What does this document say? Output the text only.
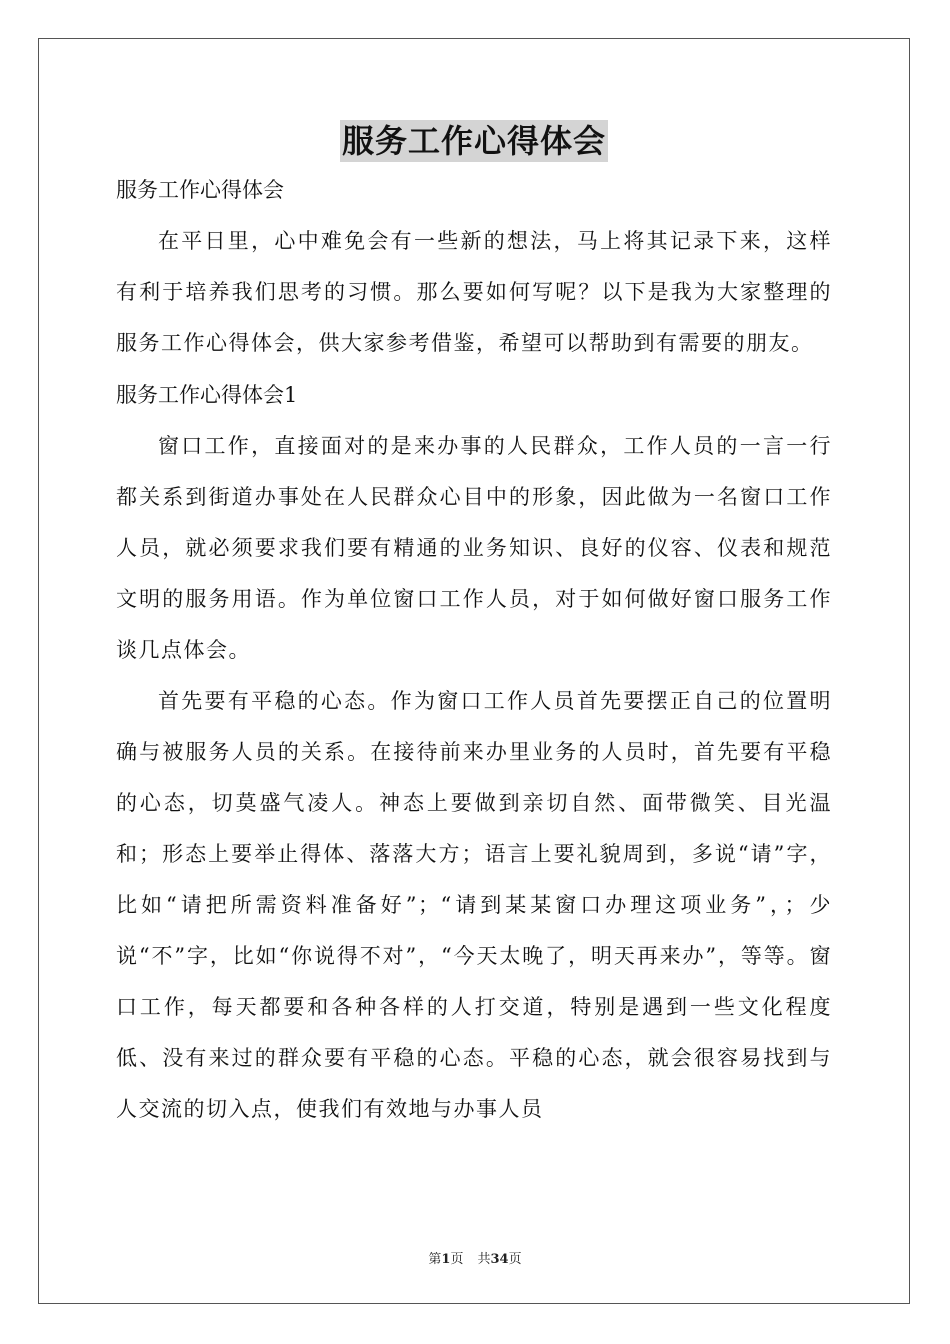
服务工作心得体会

服务工作心得体会

在平日里，心中难免会有一些新的想法，马上将其记录下来，这样有利于培养我们思考的习惯。那么要如何写呢？以下是我为大家整理的服务工作心得体会，供大家参考借鉴，希望可以帮助到有需要的朋友。

服务工作心得体会1

窗口工作，直接面对的是来办事的人民群众，工作人员的一言一行都关系到街道办事处在人民群众心目中的形象，因此做为一名窗口工作人员，就必须要求我们要有精通的业务知识、良好的仪容、仪表和规范文明的服务用语。作为单位窗口工作人员，对于如何做好窗口服务工作谈几点体会。

首先要有平稳的心态。作为窗口工作人员首先要摆正自己的位置明确与被服务人员的关系。在接待前来办里业务的人员时，首先要有平稳的心态，切莫盛气凌人。神态上要做到亲切自然、面带微笑、目光温和；形态上要举止得体、落落大方；语言上要礼貌周到，多说“请”字，比如“请把所需资料准备好”；“请到某某窗口办理这项业务”，；少说“不”字，比如“你说得不对”，“今天太晚了，明天再来办”，等等。窗口工作，每天都要和各种各样的人打交道，特别是遇到一些文化程度低、没有来过的群众要有平稳的心态。平稳的心态，就会很容易找到与人交流的切入点，使我们有效地与办事人员

第1页 共34页
